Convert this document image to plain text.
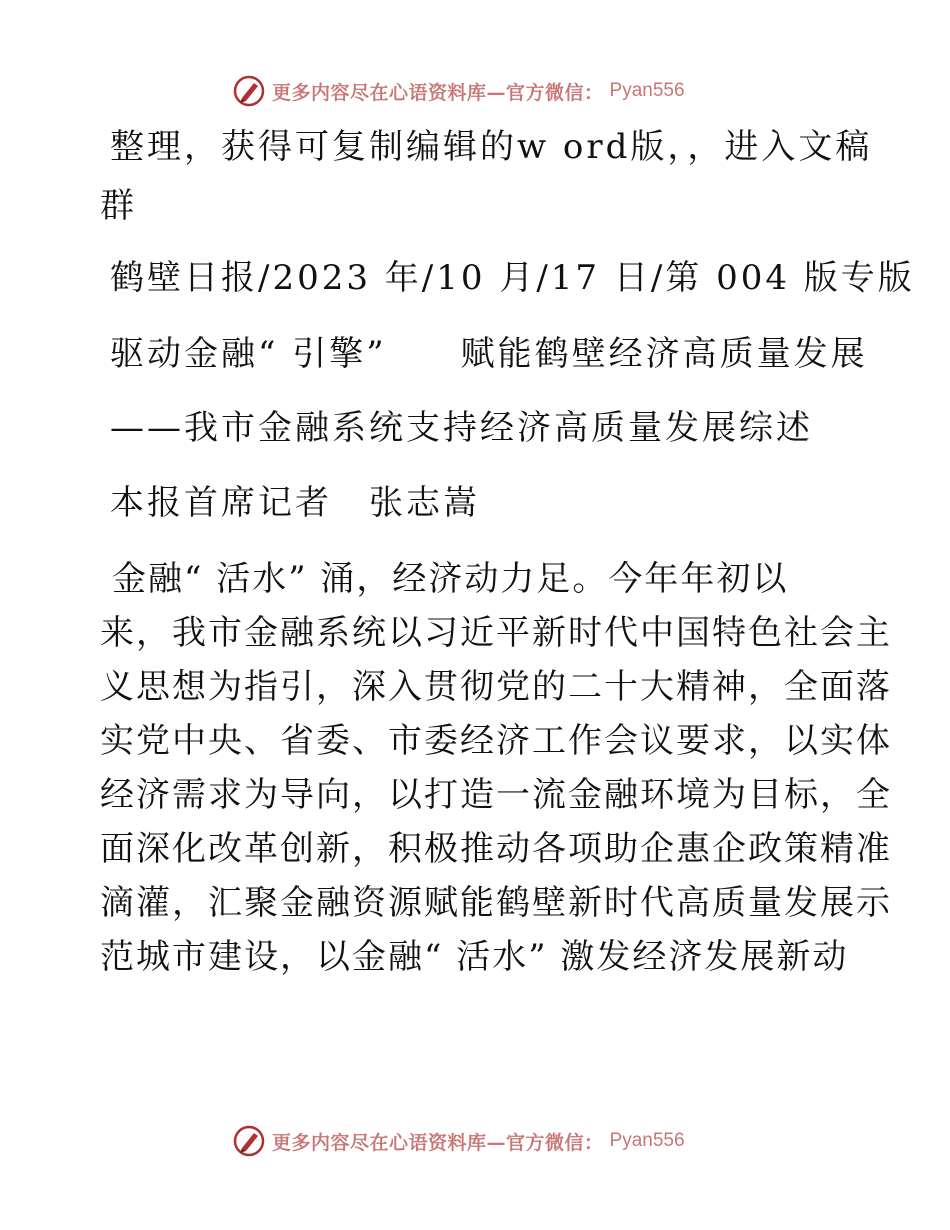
更多内容尽在心语资料库—官方微信： Pyan556
整理，获得可复制编辑的w ord版，，进入文稿
群
鹤壁日报/2023 年/10 月/17 日/第 004 版专版
驱动金融“ 引擎”　　赋能鹤壁经济高质量发展
——我市金融系统支持经济高质量发展综述
本报首席记者　张志嵩
金融“ 活水” 涌，经济动力足。今年年初以
来，我市金融系统以习近平新时代中国特色社会主
义思想为指引，深入贯彻党的二十大精神，全面落
实党中央、省委、市委经济工作会议要求，以实体
经济需求为导向，以打造一流金融环境为目标，全
面深化改革创新，积极推动各项助企惠企政策精准
滴灌，汇聚金融资源赋能鹤壁新时代高质量发展示
范城市建设，以金融“ 活水” 激发经济发展新动
更多内容尽在心语资料库—官方微信： Pyan556
